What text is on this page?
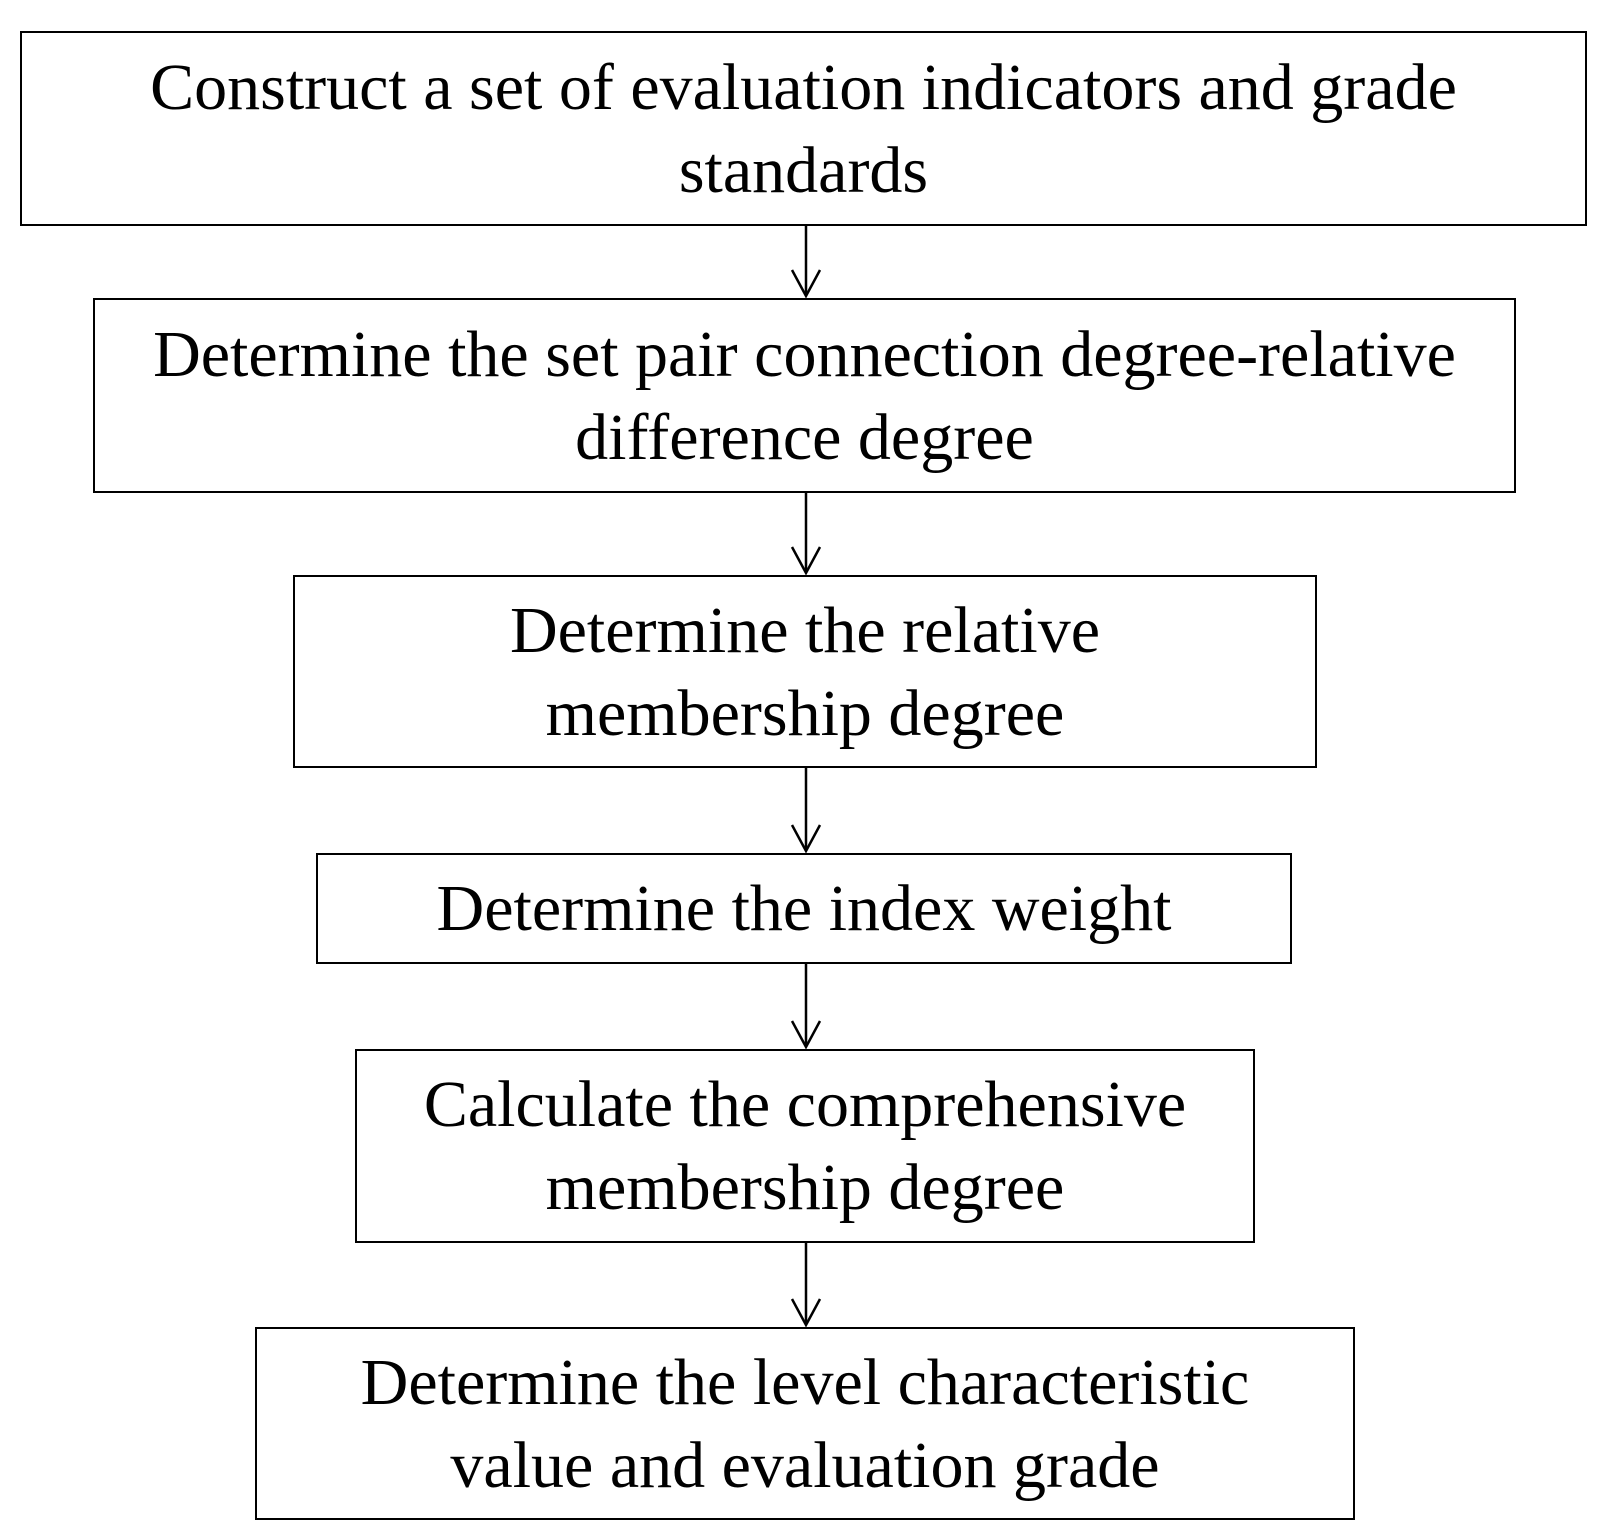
Construct a set of evaluation indicators and grade
standards
Determine the set pair connection degree-relative
difference degree
Determine the relative
membership degree
Determine the index weight
Calculate the comprehensive
membership degree
Determine the level characteristic
value and evaluation grade
